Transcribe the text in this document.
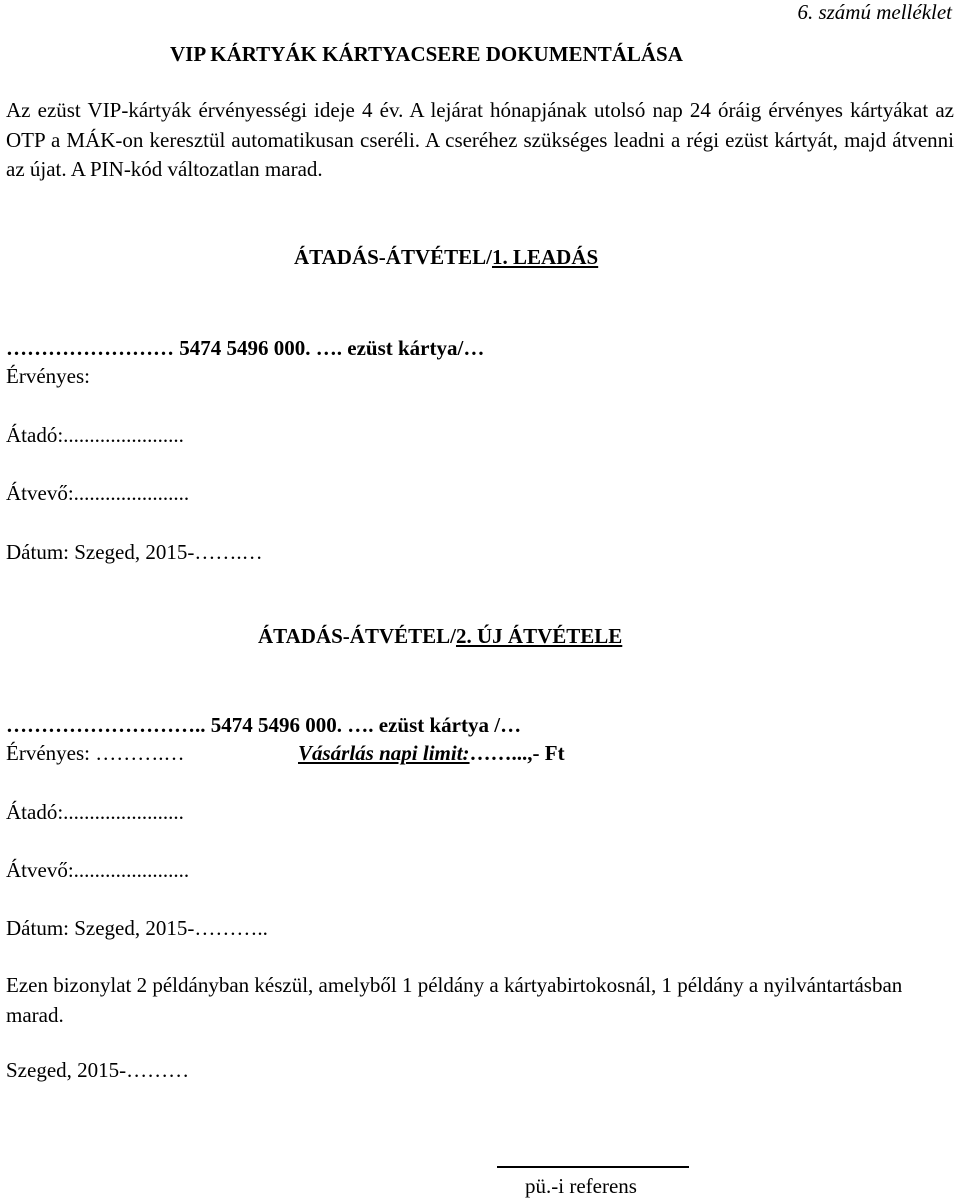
6. számú melléklet
VIP KÁRTYÁK KÁRTYACSERE DOKUMENTÁLÁSA
Az ezüst VIP-kártyák érvényességi ideje 4 év. A lejárat hónapjának utolsó nap 24 óráig érvényes kártyákat az OTP a MÁK-on keresztül automatikusan cseréli. A cseréhez szükséges leadni a régi ezüst kártyát, majd átvenni az újat. A PIN-kód változatlan marad.
ÁTADÁS-ÁTVÉTEL/1. LEADÁS
…………………… 5474 5496 000. …. ezüst kártya/…
Érvényes:
Átadó:.......................
Átvevő:......................
Dátum: Szeged, 2015-…….…
ÁTADÁS-ÁTVÉTEL/2. ÚJ ÁTVÉTELE
……………………….. 5474 5496 000. …. ezüst kártya /…
Érvényes: ……….…	Vásárlás napi limit:……...,- Ft
Átadó:.......................
Átvevő:......................
Dátum: Szeged, 2015-………..
Ezen bizonylat 2 példányban készül, amelyből 1 példány a kártyabirtokosnál, 1 példány a nyilvántartásban marad.
Szeged, 2015-………
pü.-i referens
